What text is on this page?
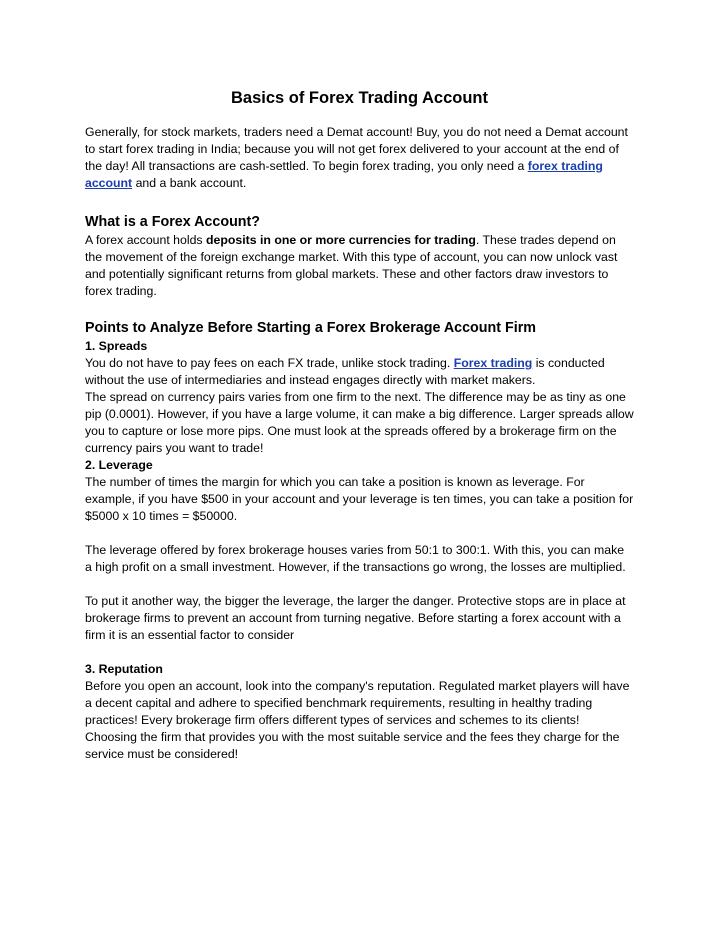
Basics of Forex Trading Account

Generally, for stock markets, traders need a Demat account! Buy, you do not need a Demat account to start forex trading in India; because you will not get forex delivered to your account at the end of the day! All transactions are cash-settled. To begin forex trading, you only need a forex trading account and a bank account.

What is a Forex Account?

A forex account holds deposits in one or more currencies for trading. These trades depend on the movement of the foreign exchange market. With this type of account, you can now unlock vast and potentially significant returns from global markets. These and other factors draw investors to forex trading.

Points to Analyze Before Starting a Forex Brokerage Account Firm

1. Spreads

You do not have to pay fees on each FX trade, unlike stock trading. Forex trading is conducted without the use of intermediaries and instead engages directly with market makers.

The spread on currency pairs varies from one firm to the next. The difference may be as tiny as one pip (0.0001). However, if you have a large volume, it can make a big difference. Larger spreads allow you to capture or lose more pips. One must look at the spreads offered by a brokerage firm on the currency pairs you want to trade!

2. Leverage

The number of times the margin for which you can take a position is known as leverage. For example, if you have $500 in your account and your leverage is ten times, you can take a position for $5000 x 10 times = $50000.

The leverage offered by forex brokerage houses varies from 50:1 to 300:1. With this, you can make a high profit on a small investment. However, if the transactions go wrong, the losses are multiplied.

To put it another way, the bigger the leverage, the larger the danger. Protective stops are in place at brokerage firms to prevent an account from turning negative. Before starting a forex account with a firm it is an essential factor to consider

3. Reputation

Before you open an account, look into the company's reputation. Regulated market players will have a decent capital and adhere to specified benchmark requirements, resulting in healthy trading practices! Every brokerage firm offers different types of services and schemes to its clients! Choosing the firm that provides you with the most suitable service and the fees they charge for the service must be considered!
